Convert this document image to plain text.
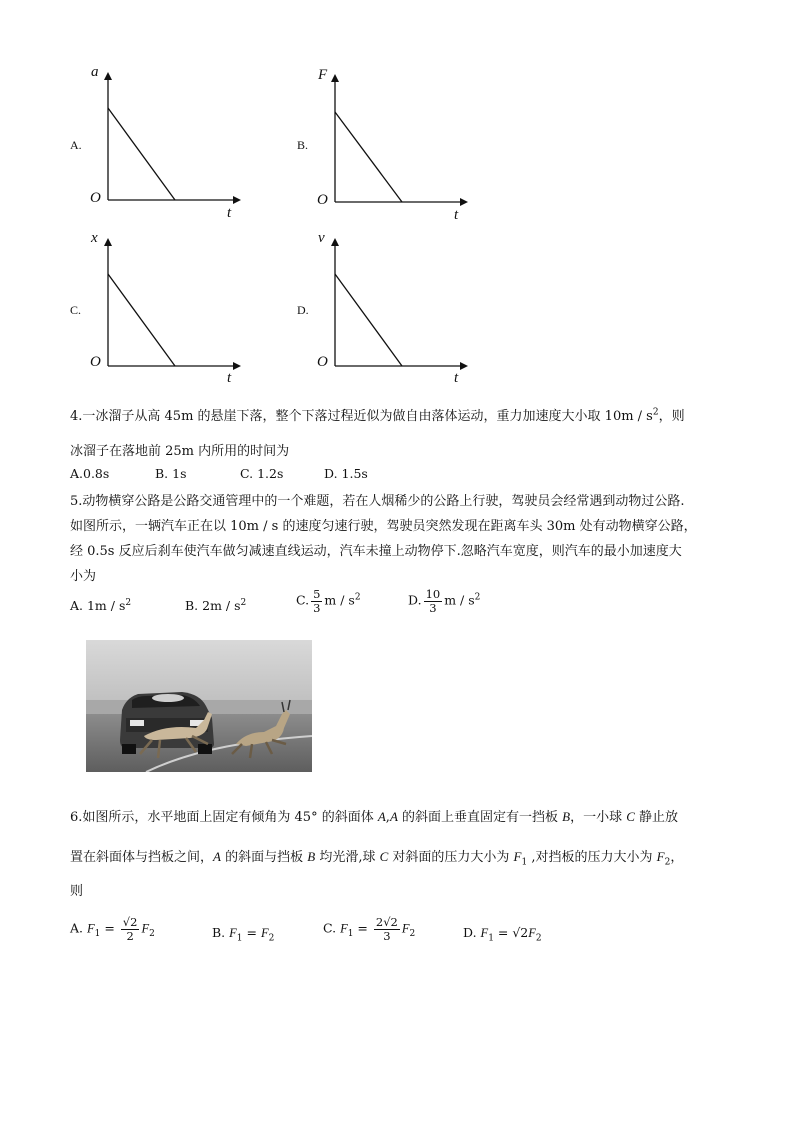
A.
a
O
t
B.
F
O
t
C.
x
O
t
D.
v
O
t
4.一冰溜子从高 45m 的悬崖下落，整个下落过程近似为做自由落体运动，重力加速度大小取 $10m / s^2$，则
冰溜子在落地前 25m 内所用的时间为
A.0.8s	B. 1s	C. 1.2s	D. 1.5s
5.动物横穿公路是公路交通管理中的一个难题，若在人烟稀少的公路上行驶，驾驶员会经常遇到动物过公路.
如图所示，一辆汽车正在以 10m / s 的速度匀速行驶，驾驶员突然发现在距离车头 30m 处有动物横穿公路，
经 0.5s 反应后刹车使汽车做匀减速直线运动，汽车未撞上动物停下.忽略汽车宽度，则汽车的最小加速度大
小为
A. $1m / s^2$	B. $2m / s^2$	C. $\frac{5}{3}$ m / $s^2$	D. $\frac{10}{3}$ m / $s^2$
6.如图所示，水平地面上固定有倾角为 45° 的斜面体 A,A 的斜面上垂直固定有一挡板 B，一小球 C 静止放
置在斜面体与挡板之间，A 的斜面与挡板 B 均光滑,球 C 对斜面的压力大小为 $F_1$ ,对挡板的压力大小为 $F_2$，
则
A. $F_1 = \frac{√2}{2} F_2$	B. $F_1 = F_2$
C. $F_1 = \frac{2√2}{3} F_2$	D. $F_1 = √2F_2$
